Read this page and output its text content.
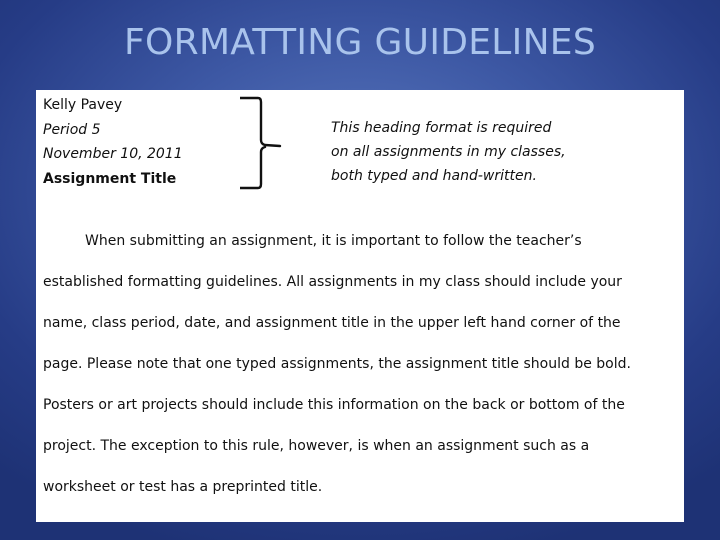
FORMATTING GUIDELINES
Kelly Pavey
Period 5
November 10, 2011
Assignment Title
This heading format is required
on all assignments in my classes,
both typed and hand-written.
When submitting an assignment, it is important to follow the teacher’s
established formatting guidelines. All assignments in my class should include your
name, class period, date, and assignment title in the upper left hand corner of the
page. Please note that one typed assignments, the assignment title should be bold.
Posters or art projects should include this information on the back or bottom of the
project. The exception to this rule, however, is when an assignment such as a
worksheet or test has a preprinted title.
